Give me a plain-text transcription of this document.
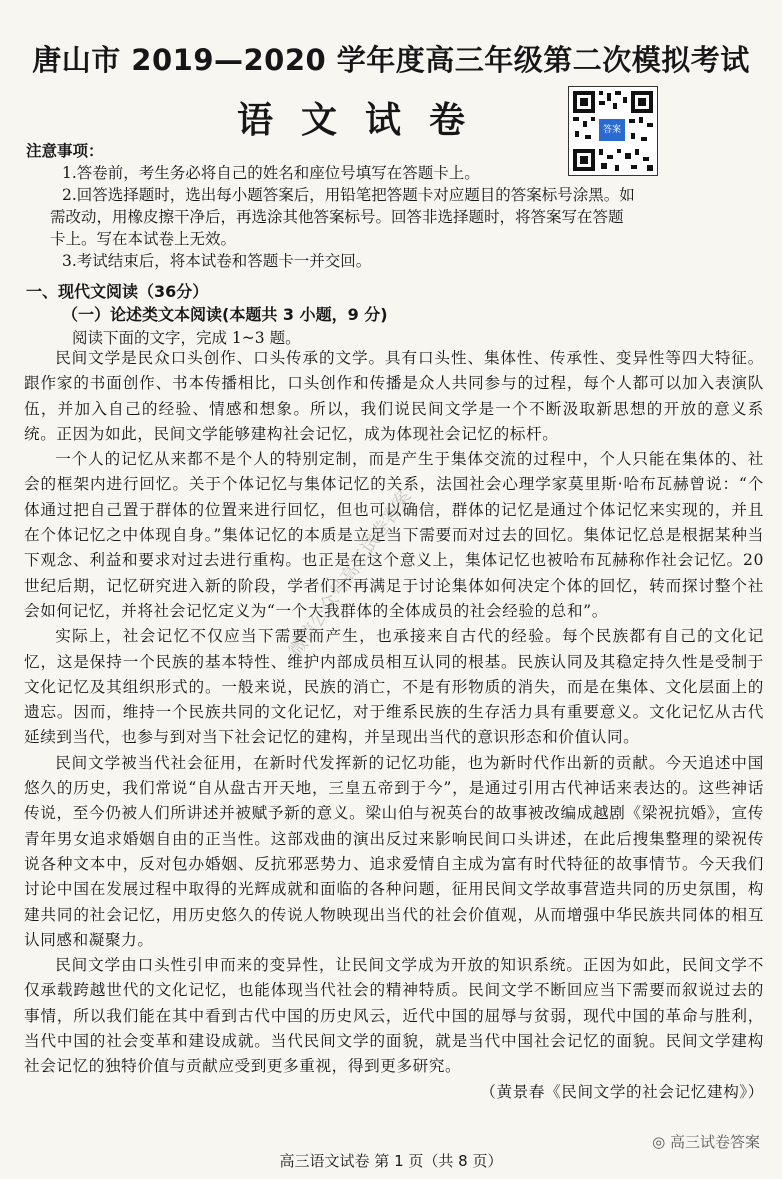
唐山市 2019—2020 学年度高三年级第二次模拟考试
语文试卷	答案
注意事项：
1.答卷前，考生务必将自己的姓名和座位号填写在答题卡上。
2.回答选择题时，选出每小题答案后，用铅笔把答题卡对应题目的答案标号涂黑。如
需改动，用橡皮擦干净后，再选涂其他答案标号。回答非选择题时，将答案写在答题
卡上。写在本试卷上无效。
3.考试结束后，将本试卷和答题卡一并交回。
一、现代文阅读（36分）
（一）论述类文本阅读(本题共 3 小题，9 分)
阅读下面的文字，完成 1~3 题。

民间文学是民众口头创作、口头传承的文学。具有口头性、集体性、传承性、变异性等四大特征。跟作家的书面创作、书本传播相比，口头创作和传播是众人共同参与的过程，每个人都可以加入表演队伍，并加入自己的经验、情感和想象。所以，我们说民间文学是一个不断汲取新思想的开放的意义系统。正因为如此，民间文学能够建构社会记忆，成为体现社会记忆的标杆。

一个人的记忆从来都不是个人的特别定制，而是产生于集体交流的过程中，个人只能在集体的、社会的框架内进行回忆。关于个体记忆与集体记忆的关系，法国社会心理学家莫里斯·哈布瓦赫曾说：“个体通过把自己置于群体的位置来进行回忆，但也可以确信，群体的记忆是通过个体记忆来实现的，并且在个体记忆之中体现自身。”集体记忆的本质是立足当下需要而对过去的回忆。集体记忆总是根据某种当下观念、利益和要求对过去进行重构。也正是在这个意义上，集体记忆也被哈布瓦赫称作社会记忆。20世纪后期，记忆研究进入新的阶段，学者们不再满足于讨论集体如何决定个体的回忆，转而探讨整个社会如何记忆，并将社会记忆定义为“一个大我群体的全体成员的社会经验的总和”。

实际上，社会记忆不仅应当下需要而产生，也承接来自古代的经验。每个民族都有自己的文化记忆，这是保持一个民族的基本特性、维护内部成员相互认同的根基。民族认同及其稳定持久性是受制于文化记忆及其组织形式的。一般来说，民族的消亡，不是有形物质的消失，而是在集体、文化层面上的遗忘。因而，维持一个民族共同的文化记忆，对于维系民族的生存活力具有重要意义。文化记忆从古代延续到当代，也参与到对当下社会记忆的建构，并呈现出当代的意识形态和价值认同。

民间文学被当代社会征用，在新时代发挥新的记忆功能，也为新时代作出新的贡献。今天追述中国悠久的历史，我们常说“自从盘古开天地，三皇五帝到于今”，是通过引用古代神话来表达的。这些神话传说，至今仍被人们所讲述并被赋予新的意义。梁山伯与祝英台的故事被改编成越剧《梁祝抗婚》，宣传青年男女追求婚姻自由的正当性。这部戏曲的演出反过来影响民间口头讲述，在此后搜集整理的梁祝传说各种文本中，反对包办婚姻、反抗邪恶势力、追求爱情自主成为富有时代特征的故事情节。今天我们讨论中国在发展过程中取得的光辉成就和面临的各种问题，征用民间文学故事营造共同的历史氛围，构建共同的社会记忆，用历史悠久的传说人物映现出当代的社会价值观，从而增强中华民族共同体的相互认同感和凝聚力。

民间文学由口头性引申而来的变异性，让民间文学成为开放的知识系统。正因为如此，民间文学不仅承载跨越世代的文化记忆，也能体现当代社会的精神特质。民间文学不断回应当下需要而叙说过去的事情，所以我们能在其中看到古代中国的历史风云，近代中国的屈辱与贫弱，现代中国的革命与胜利，当代中国的社会变革和建设成就。当代民间文学的面貌，就是当代中国社会记忆的面貌。民间文学建构社会记忆的独特价值与贡献应受到更多重视，得到更多研究。

（黄景春《民间文学的社会记忆建构》）

微信公众号高三试卷答案
高三语文试卷 第 1 页（共 8 页）
◎ 高三试卷答案
